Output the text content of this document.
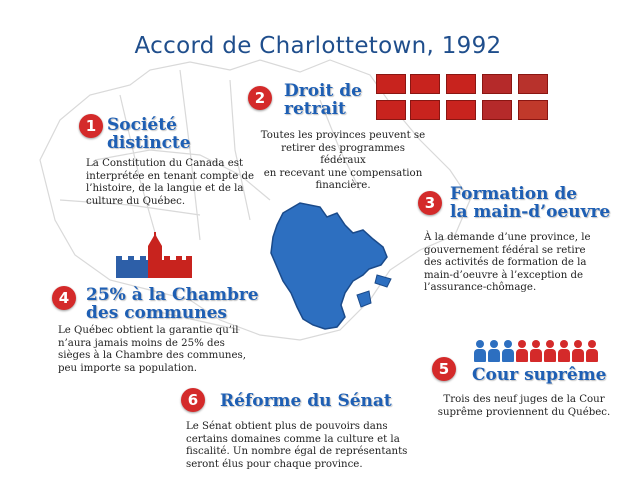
Accord de Charlottetown, 1992
1 Société
distincte
La Constitution du Canada est
interprétée en tenant compte de
l’histoire, de la langue et de la
culture du Québec.
2	Droit de
retrait
Toutes les provinces peuvent se
retirer des programmes fédéraux
en recevant une compensation
financière.
3 Formation de
la main-d’oeuvre
À la demande d’une province, le
gouvernement fédéral se retire
des activités de formation de la
main-d’oeuvre à l’exception de
l’assurance-chômage.
4 25% à la Chambre
des communes
Le Québec obtient la garantie qu’il
n’aura jamais moins de 25% des
sièges à la Chambre des communes,
peu importe sa population.	5	Cour suprême
Trois des neuf juges de la Cour
suprême proviennent du Québec.
6	Réforme du Sénat
Le Sénat obtient plus de pouvoirs dans
certains domaines comme la culture et la
fiscalité. Un nombre égal de représentants
seront élus pour chaque province.
